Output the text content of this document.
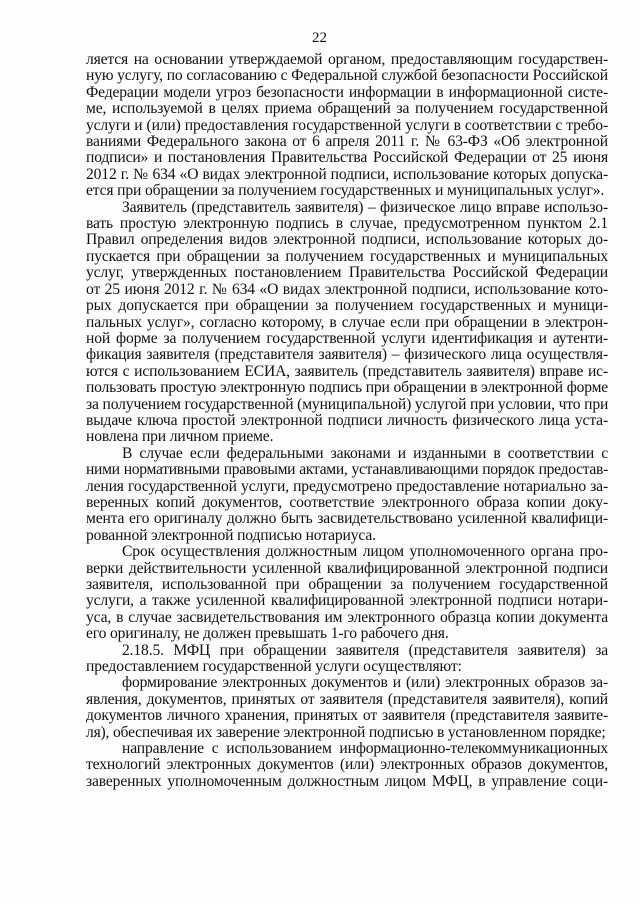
22
ляется на основании утверждаемой органом, предоставляющим государствен-
ную услугу, по согласованию с Федеральной службой безопасности Российской
Федерации модели угроз безопасности информации в информационной систе-
ме, используемой в целях приема обращений за получением государственной
услуги и (или) предоставления государственной услуги в соответствии с требо-
ваниями Федерального закона от 6 апреля 2011 г. № 63-ФЗ «Об электронной
подписи» и постановления Правительства Российской Федерации от 25 июня
2012 г. № 634 «О видах электронной подписи, использование которых допуска-
ется при обращении за получением государственных и муниципальных услуг».
Заявитель (представитель заявителя) – физическое лицо вправе использо-
вать простую электронную подпись в случае, предусмотренном пунктом 2.1
Правил определения видов электронной подписи, использование которых до-
пускается при обращении за получением государственных и муниципальных
услуг, утвержденных постановлением Правительства Российской Федерации
от 25 июня 2012 г. № 634 «О видах электронной подписи, использование кото-
рых допускается при обращении за получением государственных и муници-
пальных услуг», согласно которому, в случае если при обращении в электрон-
ной форме за получением государственной услуги идентификация и аутенти-
фикация заявителя (представителя заявителя) – физического лица осуществля-
ются с использованием ЕСИА, заявитель (представитель заявителя) вправе ис-
пользовать простую электронную подпись при обращении в электронной форме
за получением государственной (муниципальной) услугой при условии, что при
выдаче ключа простой электронной подписи личность физического лица уста-
новлена при личном приеме.
В случае если федеральными законами и изданными в соответствии с
ними нормативными правовыми актами, устанавливающими порядок предостав-
ления государственной услуги, предусмотрено предоставление нотариально за-
веренных копий документов, соответствие электронного образа копии доку-
мента его оригиналу должно быть засвидетельствовано усиленной квалифици-
рованной электронной подписью нотариуса.
Срок осуществления должностным лицом уполномоченного органа про-
верки действительности усиленной квалифицированной электронной подписи
заявителя, использованной при обращении за получением государственной
услуги, а также усиленной квалифицированной электронной подписи нотари-
уса, в случае засвидетельствования им электронного образца копии документа
его оригиналу, не должен превышать 1-го рабочего дня.
2.18.5. МФЦ при обращении заявителя (представителя заявителя) за
предоставлением государственной услуги осуществляют:
формирование электронных документов и (или) электронных образов за-
явления, документов, принятых от заявителя (представителя заявителя), копий
документов личного хранения, принятых от заявителя (представителя заявите-
ля), обеспечивая их заверение электронной подписью в установленном порядке;
направление с использованием информационно-телекоммуникационных
технологий электронных документов (или) электронных образов документов,
заверенных уполномоченным должностным лицом МФЦ, в управление соци-
